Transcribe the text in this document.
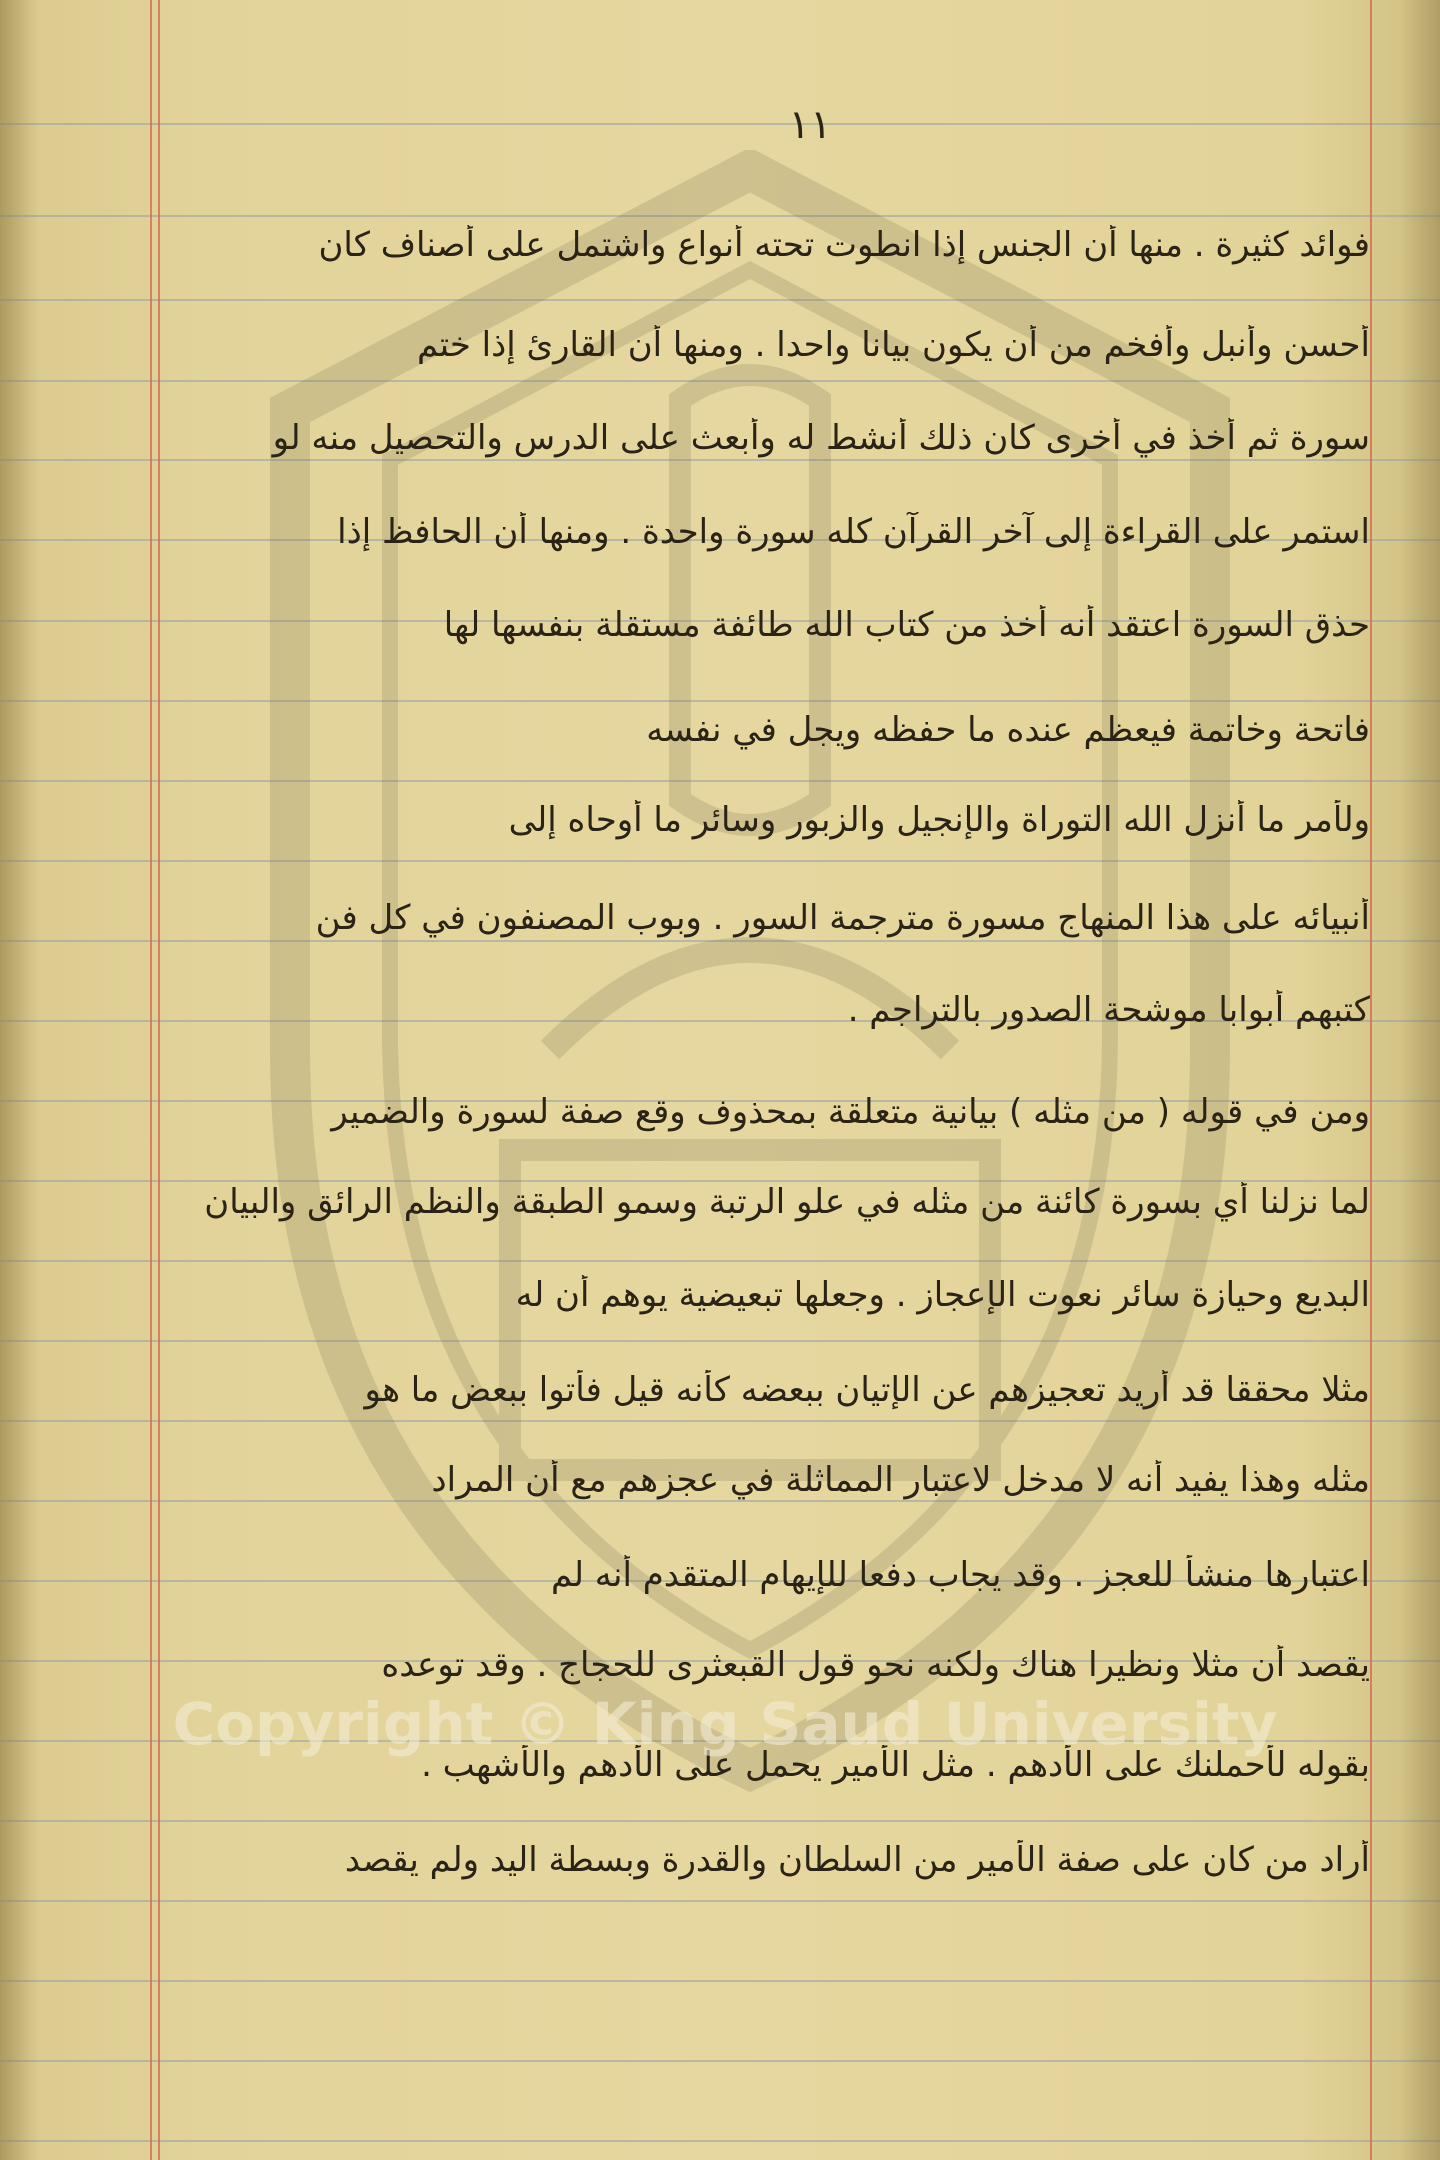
١١
فوائد كثيرة . منها أن الجنس إذا انطوت تحته أنواع واشتمل على أصناف كان
أحسن وأنبل وأفخم من أن يكون بيانا واحدا . ومنها أن القارئ إذا ختم
سورة ثم أخذ في أخرى كان ذلك أنشط له وأبعث على الدرس والتحصيل منه لو
استمر على القراءة إلى آخر القرآن كله سورة واحدة . ومنها أن الحافظ إذا
حذق السورة اعتقد أنه أخذ من كتاب الله طائفة مستقلة بنفسها لها
فاتحة وخاتمة فيعظم عنده ما حفظه ويجل في نفسه
ولأمر ما أنزل الله التوراة والإنجيل والزبور وسائر ما أوحاه إلى
أنبيائه على هذا المنهاج مسورة مترجمة السور . وبوب المصنفون في كل فن
كتبهم أبوابا موشحة الصدور بالتراجم .
ومن في قوله ( من مثله ) بيانية متعلقة بمحذوف وقع صفة لسورة والضمير
لما نزلنا أي بسورة كائنة من مثله في علو الرتبة وسمو الطبقة والنظم الرائق والبيان
البديع وحيازة سائر نعوت الإعجاز . وجعلها تبعيضية يوهم أن له
مثلا محققا قد أريد تعجيزهم عن الإتيان ببعضه كأنه قيل فأتوا ببعض ما هو
مثله وهذا يفيد أنه لا مدخل لاعتبار المماثلة في عجزهم مع أن المراد
اعتبارها منشأ للعجز . وقد يجاب دفعا للإيهام المتقدم أنه لم
يقصد أن مثلا ونظيرا هناك ولكنه نحو قول القبعثرى للحجاج . وقد توعده
بقوله لأحملنك على الأدهم . مثل الأمير يحمل على الأدهم والأشهب .
أراد من كان على صفة الأمير من السلطان والقدرة وبسطة اليد ولم يقصد
Copyright © King Saud University
